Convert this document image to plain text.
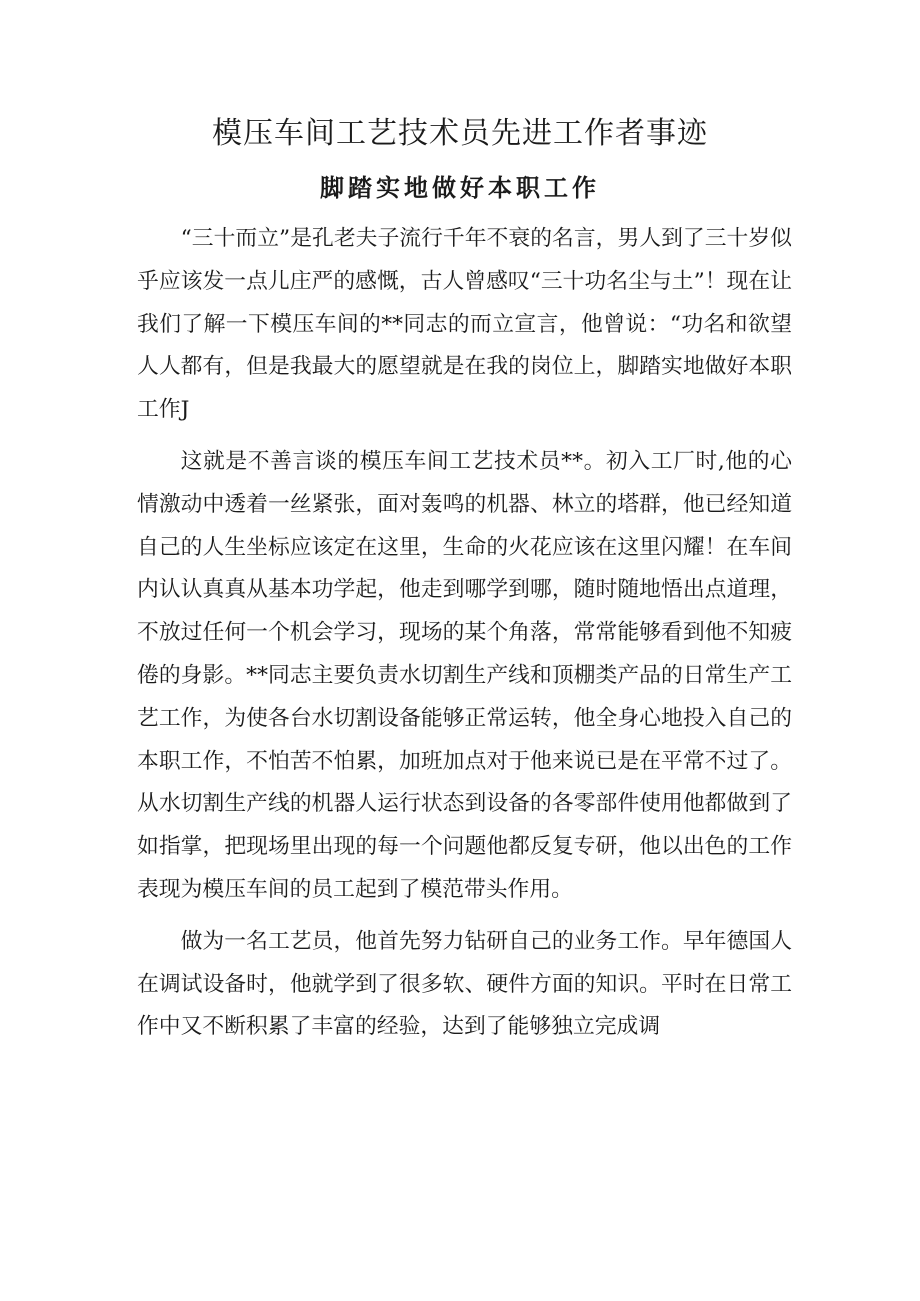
模压车间工艺技术员先进工作者事迹
脚踏实地做好本职工作

“三十而立”是孔老夫子流行千年不衰的名言，男人到了三十岁似乎应该发一点儿庄严的感慨，古人曾感叹“三十功名尘与土”！现在让我们了解一下模压车间的**同志的而立宣言，他曾说：“功名和欲望人人都有，但是我最大的愿望就是在我的岗位上，脚踏实地做好本职工作J

这就是不善言谈的模压车间工艺技术员**。初入工厂时,他的心情激动中透着一丝紧张，面对轰鸣的机器、林立的塔群，他已经知道自己的人生坐标应该定在这里，生命的火花应该在这里闪耀！在车间内认认真真从基本功学起，他走到哪学到哪，随时随地悟出点道理，不放过任何一个机会学习，现场的某个角落，常常能够看到他不知疲倦的身影。**同志主要负责水切割生产线和顶棚类产品的日常生产工艺工作，为使各台水切割设备能够正常运转，他全身心地投入自己的本职工作，不怕苦不怕累，加班加点对于他来说已是在平常不过了。从水切割生产线的机器人运行状态到设备的各零部件使用他都做到了如指掌，把现场里出现的每一个问题他都反复专研，他以出色的工作表现为模压车间的员工起到了模范带头作用。

做为一名工艺员，他首先努力钻研自己的业务工作。早年德国人在调试设备时，他就学到了很多软、硬件方面的知识。平时在日常工作中又不断积累了丰富的经验，达到了能够独立完成调
